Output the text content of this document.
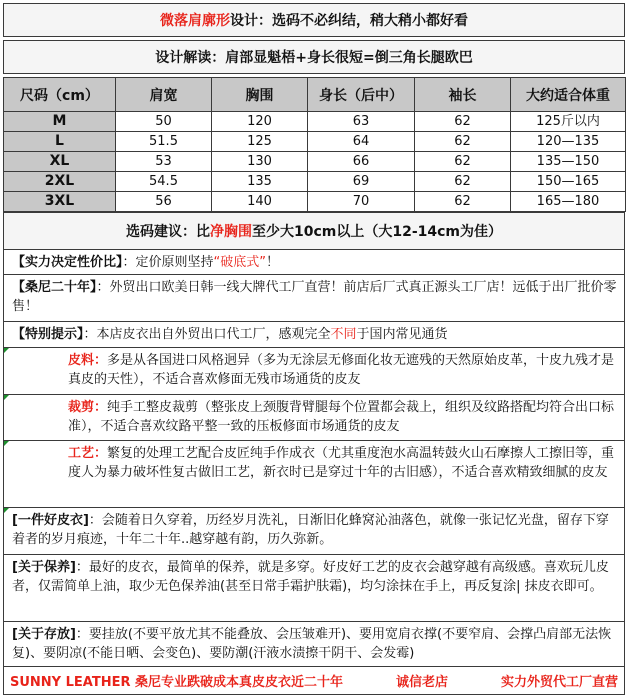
微落肩廓形 设计：选码不必纠结，稍大稍小都好看
设计解读：肩部显魁梧+身长很短=倒三角长腿欧巴
尺码（cm）	肩宽	胸围	身长（后中）	袖长	大约适合体重
M	50	120	63	62	125斤以内
L	51.5	125	64	62	120—135
XL	53	130	66	62	135—150
2XL	54.5	135	69	62	150—165
3XL	56	140	70	62	165—180
选码建议：比 净胸围 至少大10cm以上（大12-14cm为佳）
【实力决定性价比】：定价原则坚持“破底式”！
【桑尼二十年】：外贸出口欧美日韩一线大牌代工厂直营！前店后厂式真正源头工厂店！远低于出厂批价零售！
【特别提示】：本店皮衣出自外贸出口代工厂，感观完全不同于国内常见通货
皮料：多是从各国进口风格迥异（多为无涂层无修面化妆无遮残的天然原始皮革，十皮九残才是真皮的天性），不适合喜欢修面无残市场通货的皮友
裁剪：纯手工整皮裁剪（整张皮上颈腹背臂腿每个位置都会裁上，组织及纹路搭配均符合出口标准），不适合喜欢纹路平整一致的压板修面市场通货的皮友
工艺：繁复的处理工艺配合皮匠纯手作成衣（尤其重度泡水高温转鼓火山石摩擦人工擦旧等，重度人为暴力破坏性复古做旧工艺，新衣时已是穿过十年的古旧感），不适合喜欢精致细腻的皮友
[一件好皮衣]：会随着日久穿着，历经岁月洗礼，日渐旧化蜂窝沁油落色，就像一张记忆光盘，留存下穿着者的岁月痕迹，十年二十年..越穿越有韵，历久弥新。
[关于保养]：最好的皮衣，最简单的保养，就是多穿。好皮好工艺的皮衣会越穿越有高级感。喜欢玩儿皮者，仅需简单上油，取少无色保养油(甚至日常手霜护肤霜)，均匀涂抹在手上，再反复涂| 抹皮衣即可。
[关于存放]：要挂放(不要平放尤其不能叠放、会压皱难开)、要用宽肩衣撑(不要窄肩、会撑凸肩部无法恢复)、要阴凉(不能日晒、会变色)、要防潮(汗液水渍擦干阴干、会发霉)
SUNNY LEATHER 桑尼专业跌破成本真皮皮衣近二十年	诚信老店	实力外贸代工厂直营
